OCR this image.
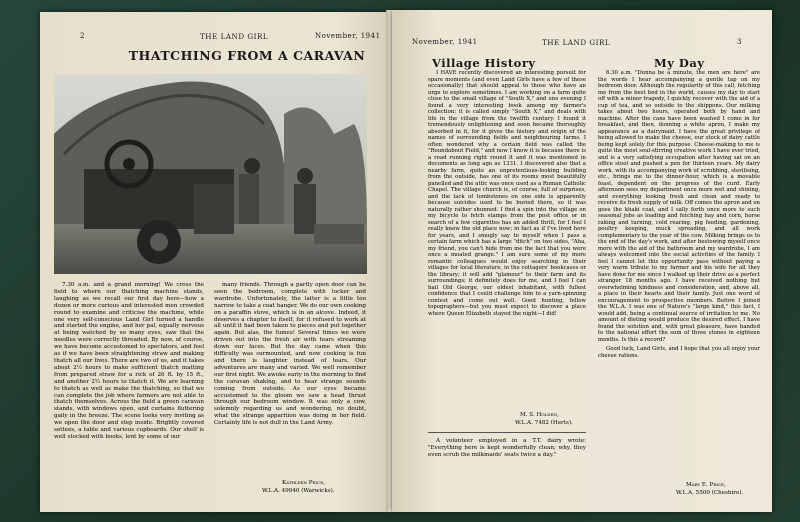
2	THE LAND GIRL	November, 1941
THATCHING FROM A CARAVAN

7.30 a.m. and a grand morning! We cross the field to where our thatching machine stands, laughing as we recall our first day here—how a dozen or more curious and interested men crowded round to examine and criticise the machine, while one very self-conscious Land Girl turned a handle and started the engine, and her pal, equally nervous at being watched by so many eyes, saw that the needles were correctly threaded. By now, of course, we have become accustomed to spectators, and feel as if we have been straightening straw and making thatch all our lives. There are two of us, and it takes about 2½ hours to make sufficient thatch matting from prepared straw for a rick of 26 ft. by 15 ft., and another 2½ hours to thatch it. We are learning to thatch as well as make the thatching, so that we can complete the job where farmers are not able to thatch themselves. Across the field a green caravan stands, with windows open, and curtains fluttering gaily in the breeze. The scene looks very inviting as we open the door and step inside. Brightly covered settees, a table and various cupboards. Our shelf is well stocked with books, lent by some of our

many friends. Through a partly open door can be seen the bedroom, complete with locker and wardrobe. Unfortunately, the latter is a little too narrow to take a coat hanger. We do our own cooking on a paraffin stove, which is in an alcove. Indeed, it deserves a chapter to itself, for it refused to work at all until it had been taken to pieces and put together again. But alas, the fumes! Several times we were driven out into the fresh air with tears streaming down our faces. But the day came when this difficulty was surmounted, and now cooking is fun and there is laughter instead of tears. Our adventures are many and varied. We well remember our first night. We awoke early in the morning to find the caravan shaking, and to hear strange sounds coming from outside. As our eyes became accustomed to the gloom we saw a head thrust through our bedroom window. It was only a cow, solemnly regarding us and wondering, no doubt, what the strange apparition was doing in her field. Certainly life is not dull in the Land Army.

Kathleen Price,
W.L.A. 49940 (Warwicks).
November, 1941	THE LAND GIRL	3
Village History	My Day

I HAVE recently discovered an interesting pursuit for spare moments (and even Land Girls have a few of these occasionally) that should appeal to those who have an urge to explore sometimes. I am working on a farm quite close to the small village of "South X," and one evening I found a very interesting book among my farmer's collection; it is called simply "South X," and deals with life in the village from the twelfth century. I found it tremendously enlightening and soon became thoroughly absorbed in it, for it gives the history and origin of the names of surrounding fields and neighbouring farms. I often wondered why a certain field was called the "Roundabout Field," and now I know it is because there is a road running right round it and it was mentioned in documents as long ago as 1331. I discovered also that a nearby farm, quite an unpretentious-looking building from the outside, has one of its rooms most beautifully panelled and the attic was once used as a Roman Catholic Chapel. The village church is, of course, full of surprises, and the lack of tombstones on one side is apparently because suicides used to be buried there, so it was naturally rather shunned. I find a spin into the village on my bicycle to fetch stamps from the post office or in search of a few cigarettes has an added thrill, for I feel I really know the old place now; in fact as if I've lived here for years, and I smugly say to myself when I pass a certain farm which has a large "ditch" on two sides, "Aha, my friend, you can't hide from me the fact that you were once a moated grange." I am sure some of my more romantic colleagues would enjoy searching in their villages for local literature, in the cottagers' bookcases or the library; it will add "glamour" to their farm and its surroundings; it definitely does for me, and I feel I can hail Old George, our oldest inhabitant, with fullest confidence that I could challenge him to a yarn-spinning contest and come out well. Good hunting, fellow topographers—but you must expect to discover a place where Queen Elizabeth stayed the night—I did!

M. S. Holden,
W.L.A. 7482 (Herts).

A volunteer employed in a T.T. dairy wrote: "Everything here is kept wonderfully clean; why, they even scrub the milkmaids' seats twice a day."

6.30 a.m. "Dunna be a minute, the men are here" are the words I hear accompanying a gentle tap on my bedroom door. Although the regularity of this call, fetching me from the best bed in the world, causes my day to start off with a minor tragedy, I quickly recover with the aid of a cup of tea, and so outside to the shippons. Our milking takes about two hours, operated both by hand and machine. After the cans have been washed I come in for breakfast, and then, donning a white apron, I make my appearance as a dairymaid. I have the great privilege of being allowed to make the cheese, our stock of dairy cattle being kept solely for this purpose. Cheese-making to me is quite the most soul-stirring creative work I have ever tried, and is a very satisfying occupation after having sat on an office stool and pushed a pen for thirteen years. My dairy work, with its accompanying work of scrubbing, sterilising, etc., brings me to the dinner-hour, which is a movable feast, dependent on the progress of the curd. Early afternoon sees my department once more wet and shining, and everything looking fresh and clean and ready to receive its fresh supply of milk. Off comes the apron and on goes the khaki coat, and I sally forth once more to such seasonal jobs as loading and fetching hay and corn, horse raking and turning, cold rearing, pig feeding, gardening, poultry keeping, muck spreading, and all work complementary to the year of the cow. Milking brings us to the end of the day's work, and after bestowing myself once more with the aid of the bathroom and my wardrobe, I am always welcomed into the social activities of the family. I feel I cannot let this opportunity pass without paying a very warm tribute to my farmer and his wife for all they have done for me since I walked up their drive as a perfect stranger 18 months ago. I have received nothing but overwhelming kindness and consideration, and, above all, a place in their hearts and their family. Just one word of encouragement to prospective members. Before I joined the W.L.A. I was one of Nature's "large kind," this fact, I would add, being a continual source of irritation to me. No amount of dieting would produce the desired effect. I have found the solution and, with great pleasure, have handed to the national effort the sum of three stones in eighteen months. Is this a record?

Good luck, Land Girls, and I hope that you all enjoy your cheese rations.

Mary E. Price,
W.L.A. 5500 (Cheshire).
